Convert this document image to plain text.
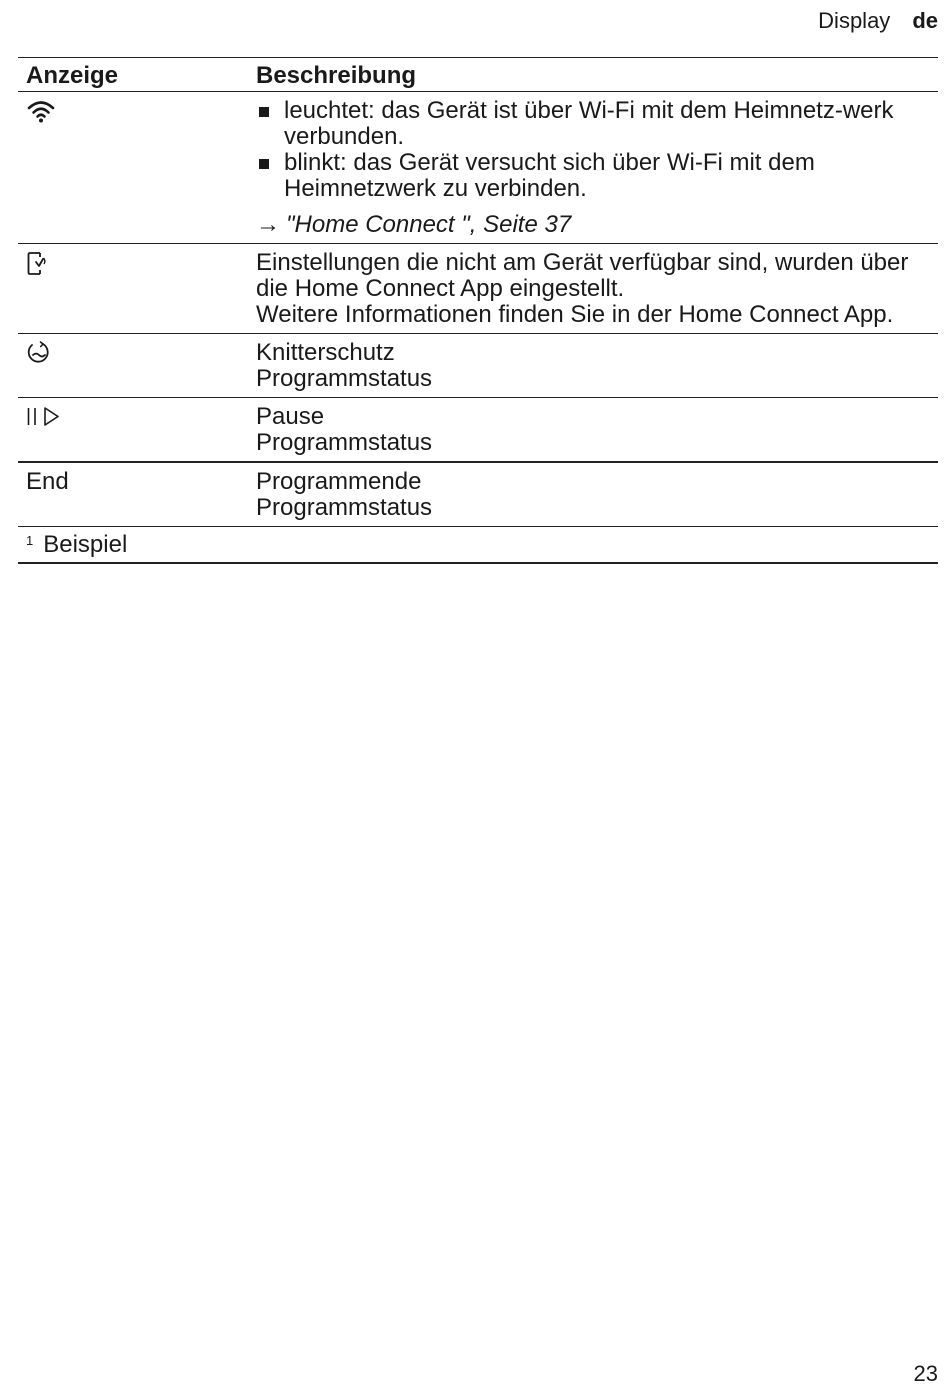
Display de
Anzeige	Beschreibung
leuchtet: das Gerät ist über Wi-Fi mit dem Heimnetz-werk verbunden.
blinkt: das Gerät versucht sich über Wi-Fi mit dem Heimnetzwerk zu verbinden.
→ "Home Connect ", Seite 37
Einstellungen die nicht am Gerät verfügbar sind, wurden über die Home Connect App eingestellt.
Weitere Informationen finden Sie in der Home Connect App.
Knitterschutz
Programmstatus
Pause
Programmstatus
End	Programmende
Programmstatus
$^1$ Beispiel
23
